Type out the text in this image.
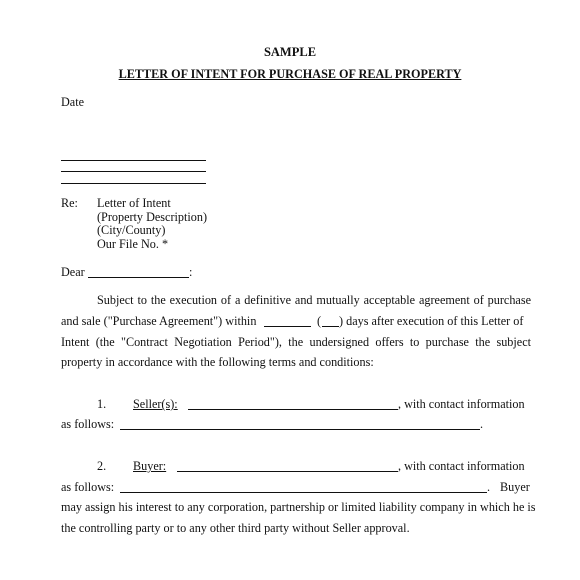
SAMPLE
LETTER OF INTENT FOR PURCHASE OF REAL PROPERTY
Date
Re: Letter of Intent
(Property Description)
(City/County)
Our File No. *
Dear	:
Subject to the execution of a definitive and mutually acceptable agreement of purchase
and sale ("Purchase Agreement") within	( ) days after execution of this Letter of
Intent (the "Contract Negotiation Period"), the undersigned offers to purchase the subject
property in accordance with the following terms and conditions:
1. Seller(s):	, with contact information
as follows:	.
2. Buyer:	, with contact information
as follows:	. Buyer
may assign his interest to any corporation, partnership or limited liability company in which he is
the controlling party or to any other third party without Seller approval.
